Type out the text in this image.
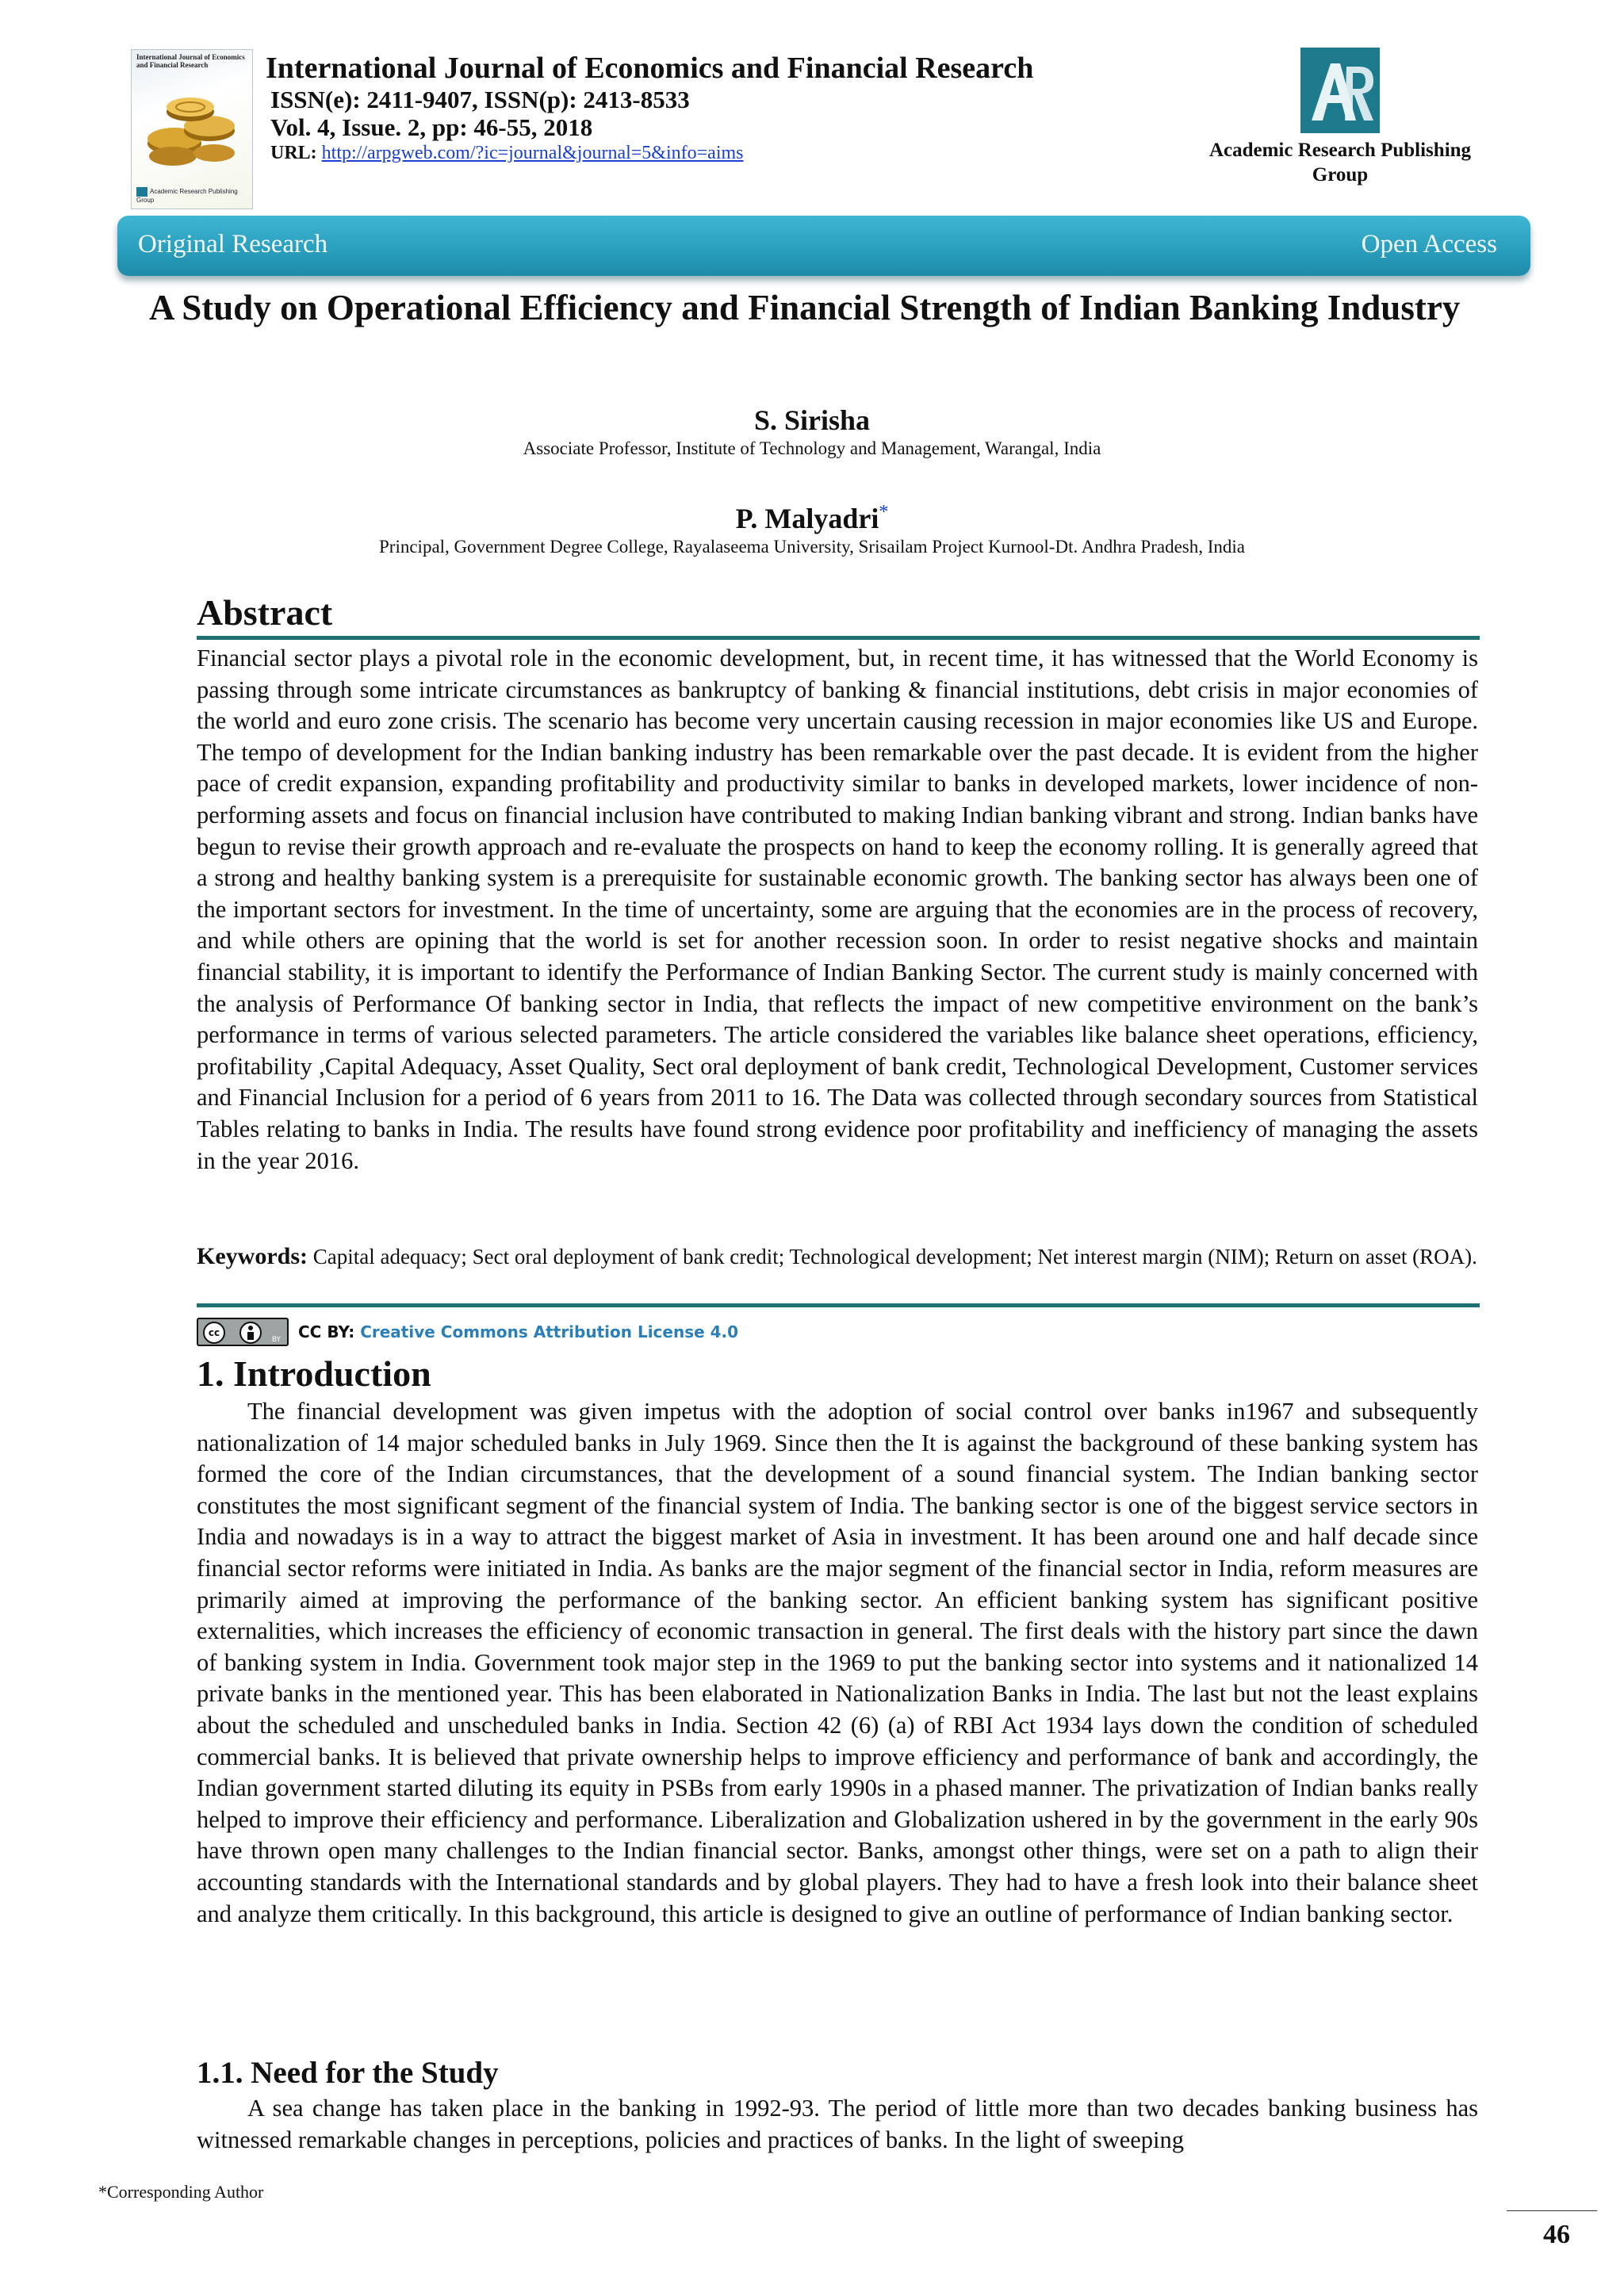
International Journal of Economics and Financial Research
Academic Research Publishing Group
International Journal of Economics and Financial Research
ISSN(e): 2411-9407, ISSN(p): 2413-8533
Vol. 4, Issue. 2, pp: 46-55, 2018
URL: http://arpgweb.com/?ic=journal&journal=5&info=aims	Academic Research Publishing
Group
Original Research	Open Access
A Study on Operational Efficiency and Financial Strength of Indian Banking Industry
S. Sirisha
Associate Professor, Institute of Technology and Management, Warangal, India
P. Malyadri*
Principal, Government Degree College, Rayalaseema University, Srisailam Project Kurnool-Dt. Andhra Pradesh, India
Abstract
Financial sector plays a pivotal role in the economic development, but, in recent time, it has witnessed that the World Economy is passing through some intricate circumstances as bankruptcy of banking & financial institutions, debt crisis in major economies of the world and euro zone crisis. The scenario has become very uncertain causing recession in major economies like US and Europe. The tempo of development for the Indian banking industry has been remarkable over the past decade. It is evident from the higher pace of credit expansion, expanding profitability and productivity similar to banks in developed markets, lower incidence of non- performing assets and focus on financial inclusion have contributed to making Indian banking vibrant and strong. Indian banks have begun to revise their growth approach and re-evaluate the prospects on hand to keep the economy rolling. It is generally agreed that a strong and healthy banking system is a prerequisite for sustainable economic growth. The banking sector has always been one of the important sectors for investment. In the time of uncertainty, some are arguing that the economies are in the process of recovery, and while others are opining that the world is set for another recession soon. In order to resist negative shocks and maintain financial stability, it is important to identify the Performance of Indian Banking Sector. The current study is mainly concerned with the analysis of Performance Of banking sector in India, that reflects the impact of new competitive environment on the bank’s performance in terms of various selected parameters. The article considered the variables like balance sheet operations, efficiency, profitability ,Capital Adequacy, Asset Quality, Sect oral deployment of bank credit, Technological Development, Customer services and Financial Inclusion for a period of 6 years from 2011 to 16. The Data was collected through secondary sources from Statistical Tables relating to banks in India. The results have found strong evidence poor profitability and inefficiency of managing the assets in the year 2016.
Keywords: Capital adequacy; Sect oral deployment of bank credit; Technological development; Net interest margin (NIM); Return on asset (ROA).
cc
BY CC BY: Creative Commons Attribution License 4.0
1. Introduction
The financial development was given impetus with the adoption of social control over banks in1967 and subsequently nationalization of 14 major scheduled banks in July 1969. Since then the It is against the background of these banking system has formed the core of the Indian circumstances, that the development of a sound financial system. The Indian banking sector constitutes the most significant segment of the financial system of India. The banking sector is one of the biggest service sectors in India and nowadays is in a way to attract the biggest market of Asia in investment. It has been around one and half decade since financial sector reforms were initiated in India. As banks are the major segment of the financial sector in India, reform measures are primarily aimed at improving the performance of the banking sector. An efficient banking system has significant positive externalities, which increases the efficiency of economic transaction in general. The first deals with the history part since the dawn of banking system in India. Government took major step in the 1969 to put the banking sector into systems and it nationalized 14 private banks in the mentioned year. This has been elaborated in Nationalization Banks in India. The last but not the least explains about the scheduled and unscheduled banks in India. Section 42 (6) (a) of RBI Act 1934 lays down the condition of scheduled commercial banks. It is believed that private ownership helps to improve efficiency and performance of bank and accordingly, the Indian government started diluting its equity in PSBs from early 1990s in a phased manner. The privatization of Indian banks really helped to improve their efficiency and performance. Liberalization and Globalization ushered in by the government in the early 90s have thrown open many challenges to the Indian financial sector. Banks, amongst other things, were set on a path to align their accounting standards with the International standards and by global players. They had to have a fresh look into their balance sheet and analyze them critically. In this background, this article is designed to give an outline of performance of Indian banking sector.
1.1. Need for the Study
A sea change has taken place in the banking in 1992-93. The period of little more than two decades banking business has witnessed remarkable changes in perceptions, policies and practices of banks. In the light of sweeping
*Corresponding Author
46
